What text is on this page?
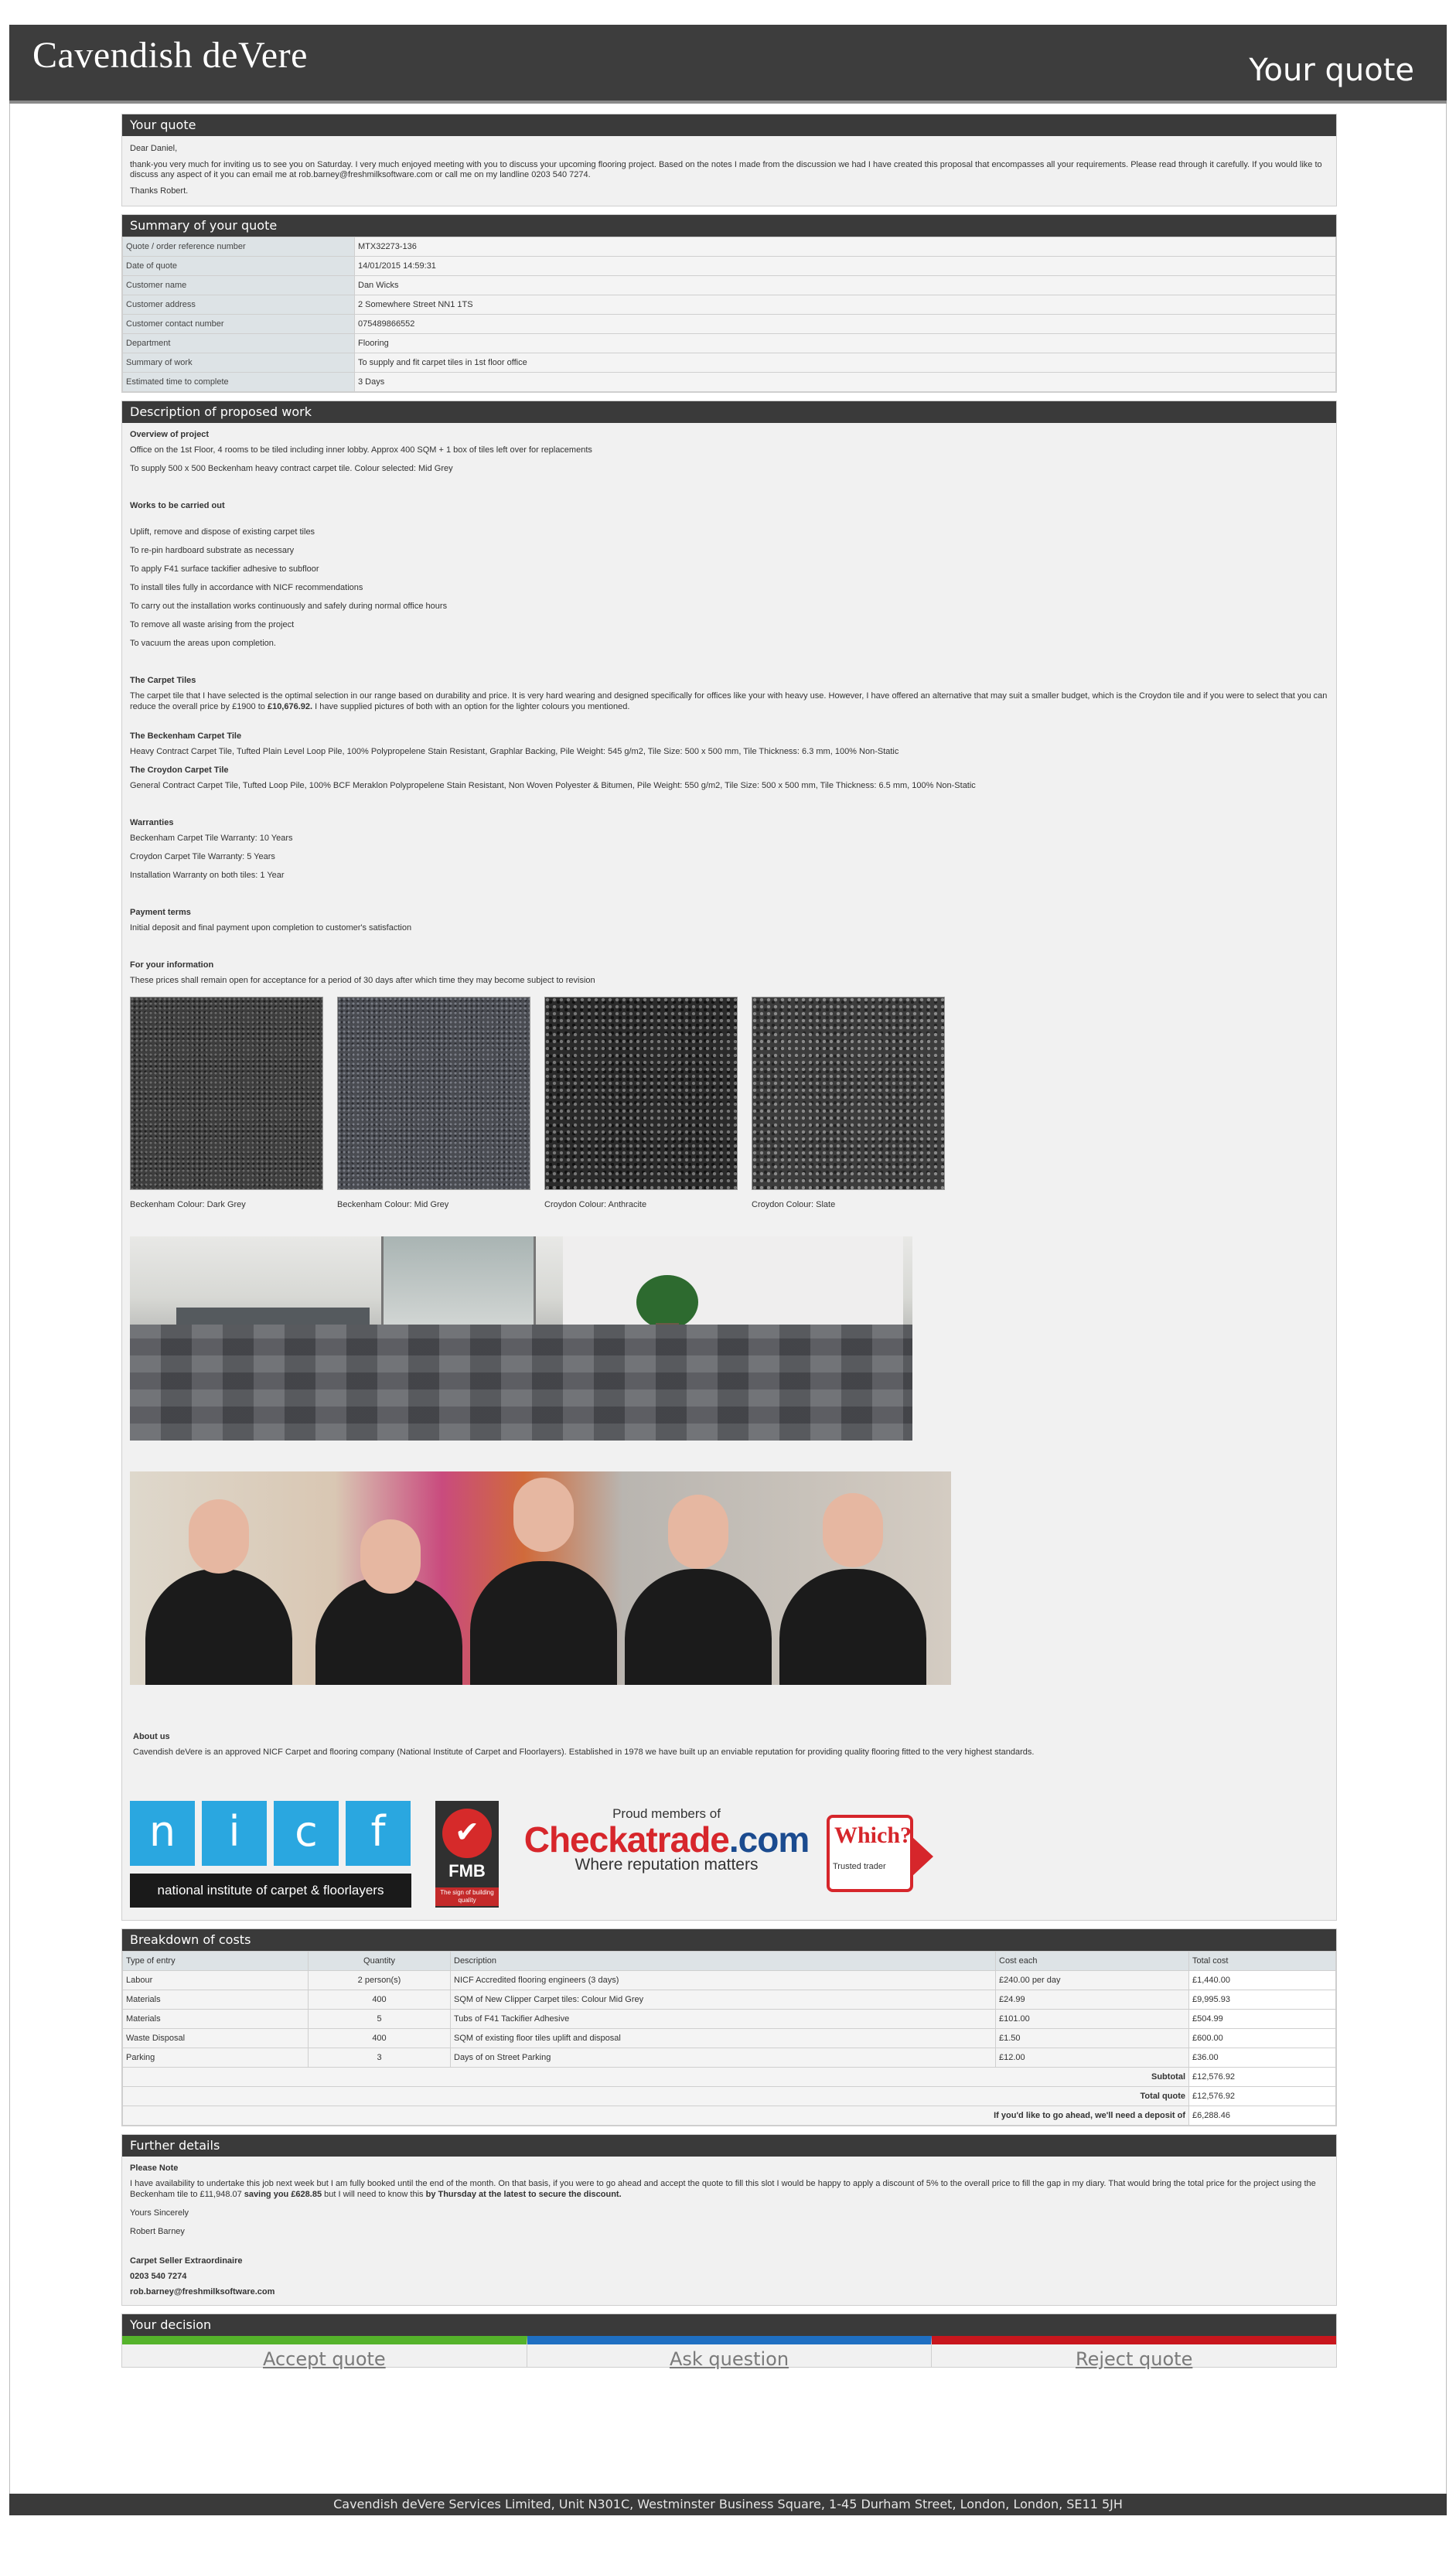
Cavendish deVere	Your quote
Your quote

Dear Daniel,

thank-you very much for inviting us to see you on Saturday. I very much enjoyed meeting with you to discuss your upcoming flooring project. Based on the notes I made from the discussion we had I have created this proposal that encompasses all your requirements. Please read through it carefully. If you would like to discuss any aspect of it you can email me at rob.barney@freshmilksoftware.com or call me on my landline 0203 540 7274.

Thanks Robert.

Summary of your quote
Quote / order reference number	MTX32273-136
Date of quote	14/01/2015 14:59:31
Customer name	Dan Wicks
Customer address	2 Somewhere Street NN1 1TS
Customer contact number	075489866552
Department	Flooring
Summary of work	To supply and fit carpet tiles in 1st floor office
Estimated time to complete	3 Days
Description of proposed work
Overview of project

Office on the 1st Floor, 4 rooms to be tiled including inner lobby. Approx 400 SQM + 1 box of tiles left over for replacements

To supply 500 x 500 Beckenham heavy contract carpet tile. Colour selected: Mid Grey

Works to be carried out

Uplift, remove and dispose of existing carpet tiles

To re-pin hardboard substrate as necessary

To apply F41 surface tackifier adhesive to subfloor

To install tiles fully in accordance with NICF recommendations

To carry out the installation works continuously and safely during normal office hours

To remove all waste arising from the project

To vacuum the areas upon completion.

The Carpet Tiles

The carpet tile that I have selected is the optimal selection in our range based on durability and price. It is very hard wearing and designed specifically for offices like your with heavy use. However, I have offered an alternative that may suit a smaller budget, which is the Croydon tile and if you were to select that you can reduce the overall price by £1900 to £10,676.92. I have supplied pictures of both with an option for the lighter colours you mentioned.

The Beckenham Carpet Tile

Heavy Contract Carpet Tile, Tufted Plain Level Loop Pile, 100% Polypropelene Stain Resistant, Graphlar Backing, Pile Weight: 545 g/m2, Tile Size: 500 x 500 mm, Tile Thickness: 6.3 mm, 100% Non-Static

The Croydon Carpet Tile

General Contract Carpet Tile, Tufted Loop Pile, 100% BCF Meraklon Polypropelene Stain Resistant, Non Woven Polyester & Bitumen, Pile Weight: 550 g/m2, Tile Size: 500 x 500 mm, Tile Thickness: 6.5 mm, 100% Non-Static

Warranties

Beckenham Carpet Tile Warranty: 10 Years

Croydon Carpet Tile Warranty: 5 Years

Installation Warranty on both tiles: 1 Year

Payment terms

Initial deposit and final payment upon completion to customer's satisfaction

For your information

These prices shall remain open for acceptance for a period of 30 days after which time they may become subject to revision

Beckenham Colour: Dark Grey	Beckenham Colour: Mid Grey	Croydon Colour: Anthracite	Croydon Colour: Slate
About us

Cavendish deVere is an approved NICF Carpet and flooring company (National Institute of Carpet and Floorlayers). Established in 1978 we have built up an enviable reputation for providing quality flooring fitted to the very highest standards.

n	i	c	f
national institute of carpet & floorlayers
✔
FMB
The sign of building quality
Proud members of
Checkatrade.com
Where reputation matters
Which?
Trusted trader
Breakdown of costs
Type of entry	Quantity	Description	Cost each	Total cost
Labour	2 person(s)	NICF Accredited flooring engineers (3 days)	£240.00 per day	£1,440.00
Materials	400	SQM of New Clipper Carpet tiles: Colour Mid Grey	£24.99	£9,995.93
Materials	5	Tubs of F41 Tackifier Adhesive	£101.00	£504.99
Waste Disposal	400	SQM of existing floor tiles uplift and disposal	£1.50	£600.00
Parking	3	Days of on Street Parking	£12.00	£36.00
Subtotal				£12,576.92
Total quote				£12,576.92
If you'd like to go ahead, we'll need a deposit of				£6,288.46
Further details

Please Note

I have availability to undertake this job next week but I am fully booked until the end of the month. On that basis, if you were to go ahead and accept the quote to fill this slot I would be happy to apply a discount of 5% to the overall price to fill the gap in my diary. That would bring the total price for the project using the Beckenham tile to £11,948.07 saving you £628.85 but I will need to know this by Thursday at the latest to secure the discount.

Yours Sincerely

Robert Barney

Carpet Seller Extraordinaire

0203 540 7274

rob.barney@freshmilksoftware.com

Your decision
Accept quote	Ask question	Reject quote
Cavendish deVere Services Limited, Unit N301C, Westminster Business Square, 1-45 Durham Street, London, London, SE11 5JH
